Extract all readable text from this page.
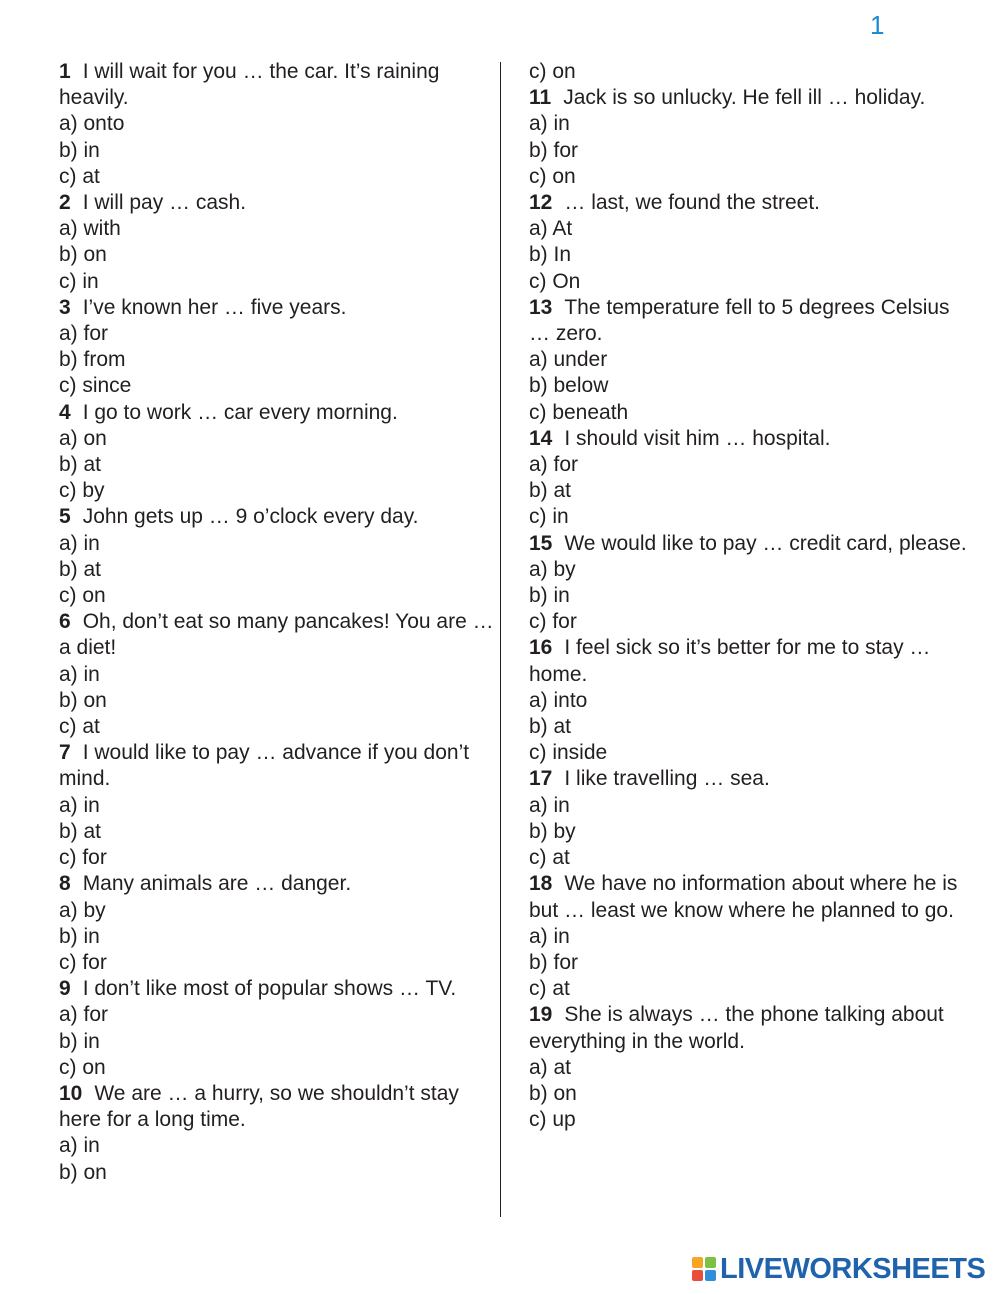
1
1 I will wait for you … the car. It’s raining heavily.
a) onto
b) in
c) at
2 I will pay … cash.
a) with
b) on
c) in
3 I’ve known her … five years.
a) for
b) from
c) since
4 I go to work … car every morning.
a) on
b) at
c) by
5 John gets up … 9 o’clock every day.
a) in
b) at
c) on
6 Oh, don’t eat so many pancakes! You are … a diet!
a) in
b) on
c) at
7 I would like to pay … advance if you don’t mind.
a) in
b) at
c) for
8 Many animals are … danger.
a) by
b) in
c) for
9 I don’t like most of popular shows … TV.
a) for
b) in
c) on
10 We are … a hurry, so we shouldn’t stay here for a long time.
a) in
b) on
c) on
11 Jack is so unlucky. He fell ill … holiday.
a) in
b) for
c) on
12 … last, we found the street.
a) At
b) In
c) On
13 The temperature fell to 5 degrees Celsius … zero.
a) under
b) below
c) beneath
14 I should visit him … hospital.
a) for
b) at
c) in
15 We would like to pay … credit card, please.
a) by
b) in
c) for
16 I feel sick so it’s better for me to stay … home.
a) into
b) at
c) inside
17 I like travelling … sea.
a) in
b) by
c) at
18 We have no information about where he is but … least we know where he planned to go.
a) in
b) for
c) at
19 She is always … the phone talking about everything in the world.
a) at
b) on
c) up
LIVEWORKSHEETS
